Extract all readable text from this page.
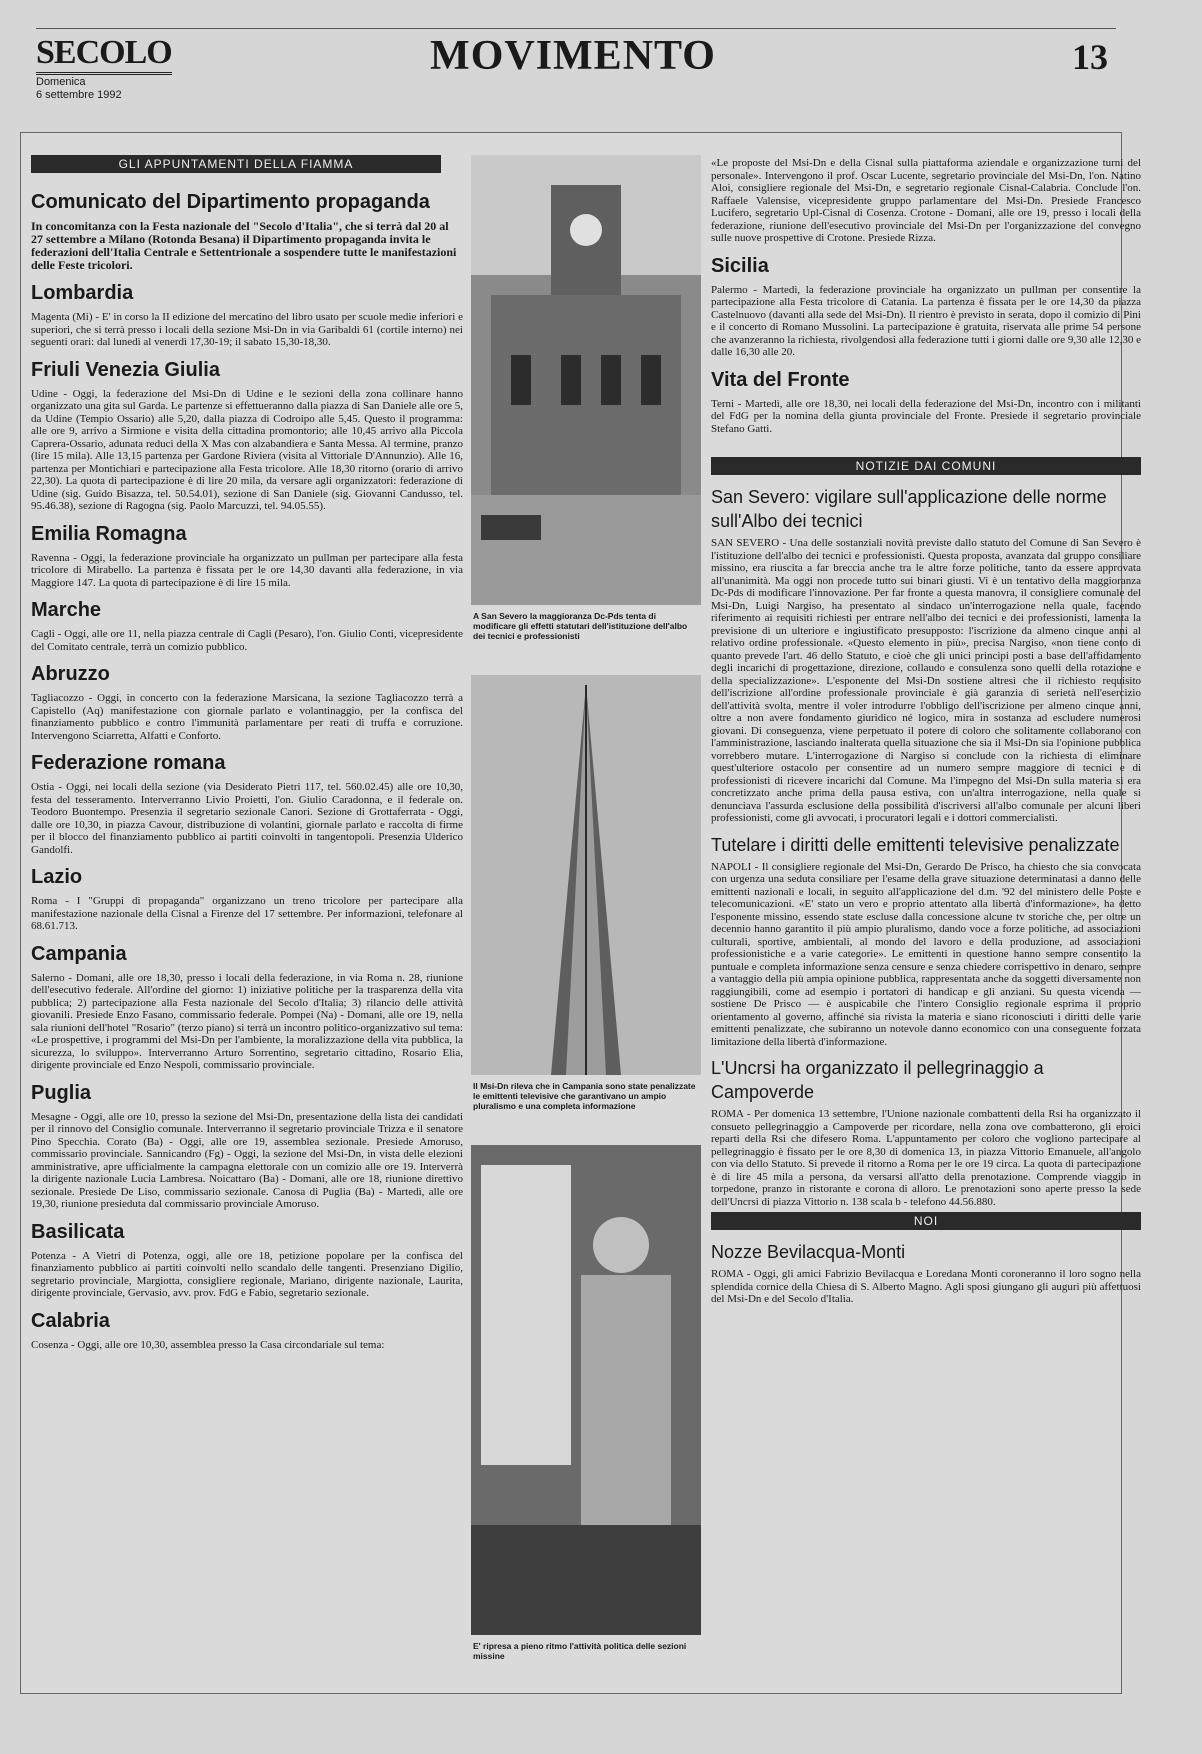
SECOLO
Domenica
6 settembre 1992
MOVIMENTO	13
GLI APPUNTAMENTI DELLA FIAMMA
Comunicato del Dipartimento propaganda
In concomitanza con la Festa nazionale del "Secolo d'Italia", che si terrà dal 20 al 27 settembre a Milano (Rotonda Besana) il Dipartimento propaganda invita le federazioni dell'Italia Centrale e Settentrionale a sospendere tutte le manifestazioni delle Feste tricolori.
Lombardia

Magenta (Mi) - E' in corso la II edizione del mercatino del libro usato per scuole medie inferiori e superiori, che si terrà presso i locali della sezione Msi-Dn in via Garibaldi 61 (cortile interno) nei seguenti orari: dal lunedì al venerdì 17,30-19; il sabato 15,30-18,30.

Friuli Venezia Giulia

Udine - Oggi, la federazione del Msi-Dn di Udine e le sezioni della zona collinare hanno organizzato una gita sul Garda. Le partenze si effettueranno dalla piazza di San Daniele alle ore 5, da Udine (Tempio Ossario) alle 5,20, dalla piazza di Codroipo alle 5,45. Questo il programma: alle ore 9, arrivo a Sirmione e visita della cittadina promontorio; alle 10,45 arrivo alla Piccola Caprera-Ossario, adunata reduci della X Mas con alzabandiera e Santa Messa. Al termine, pranzo (lire 15 mila). Alle 13,15 partenza per Gardone Riviera (visita al Vittoriale D'Annunzio). Alle 16, partenza per Montichiari e partecipazione alla Festa tricolore. Alle 18,30 ritorno (orario di arrivo 22,30). La quota di partecipazione è di lire 20 mila, da versare agli organizzatori: federazione di Udine (sig. Guido Bisazza, tel. 50.54.01), sezione di San Daniele (sig. Giovanni Candusso, tel. 95.46.38), sezione di Ragogna (sig. Paolo Marcuzzi, tel. 94.05.55).

Emilia Romagna

Ravenna - Oggi, la federazione provinciale ha organizzato un pullman per partecipare alla festa tricolore di Mirabello. La partenza è fissata per le ore 14,30 davanti alla federazione, in via Maggiore 147. La quota di partecipazione è di lire 15 mila.

Marche

Cagli - Oggi, alle ore 11, nella piazza centrale di Cagli (Pesaro), l'on. Giulio Conti, vicepresidente del Comitato centrale, terrà un comizio pubblico.

Abruzzo

Tagliacozzo - Oggi, in concerto con la federazione Marsicana, la sezione Tagliacozzo terrà a Capistello (Aq) manifestazione con giornale parlato e volantinaggio, per la confisca del finanziamento pubblico e contro l'immunità parlamentare per reati di truffa e corruzione. Intervengono Sciarretta, Alfatti e Conforto.

Federazione romana

Ostia - Oggi, nei locali della sezione (via Desiderato Pietri 117, tel. 560.02.45) alle ore 10,30, festa del tesseramento. Interverranno Livio Proietti, l'on. Giulio Caradonna, e il federale on. Teodoro Buontempo. Presenzia il segretario sezionale Canori. Sezione di Grottaferrata - Oggi, dalle ore 10,30, in piazza Cavour, distribuzione di volantini, giornale parlato e raccolta di firme per il blocco del finanziamento pubblico ai partiti coinvolti in tangentopoli. Presenzia Ulderico Gandolfi.

Lazio

Roma - I "Gruppi di propaganda" organizzano un treno tricolore per partecipare alla manifestazione nazionale della Cisnal a Firenze del 17 settembre. Per informazioni, telefonare al 68.61.713.

Campania

Salerno - Domani, alle ore 18,30, presso i locali della federazione, in via Roma n. 28, riunione dell'esecutivo federale. All'ordine del giorno: 1) iniziative politiche per la trasparenza della vita pubblica; 2) partecipazione alla Festa nazionale del Secolo d'Italia; 3) rilancio delle attività giovanili. Presiede Enzo Fasano, commissario federale. Pompei (Na) - Domani, alle ore 19, nella sala riunioni dell'hotel "Rosario" (terzo piano) si terrà un incontro politico-organizzativo sul tema: «Le prospettive, i programmi del Msi-Dn per l'ambiente, la moralizzazione della vita pubblica, la sicurezza, lo sviluppo». Interverranno Arturo Sorrentino, segretario cittadino, Rosario Elia, dirigente provinciale ed Enzo Nespoli, commissario provinciale.

Puglia

Mesagne - Oggi, alle ore 10, presso la sezione del Msi-Dn, presentazione della lista dei candidati per il rinnovo del Consiglio comunale. Interverranno il segretario provinciale Trizza e il senatore Pino Specchia. Corato (Ba) - Oggi, alle ore 19, assemblea sezionale. Presiede Amoruso, commissario provinciale. Sannicandro (Fg) - Oggi, la sezione del Msi-Dn, in vista delle elezioni amministrative, apre ufficialmente la campagna elettorale con un comizio alle ore 19. Interverrà la dirigente nazionale Lucia Lambresa. Noicattaro (Ba) - Domani, alle ore 18, riunione direttivo sezionale. Presiede De Liso, commissario sezionale. Canosa di Puglia (Ba) - Martedì, alle ore 19,30, riunione presieduta dal commissario provinciale Amoruso.

Basilicata

Potenza - A Vietri di Potenza, oggi, alle ore 18, petizione popolare per la confisca del finanziamento pubblico ai partiti coinvolti nello scandalo delle tangenti. Presenziano Digilio, segretario provinciale, Margiotta, consigliere regionale, Mariano, dirigente nazionale, Laurita, dirigente provinciale, Gervasio, avv. prov. FdG e Fabio, segretario sezionale.

Calabria

Cosenza - Oggi, alle ore 10,30, assemblea presso la Casa circondariale sul tema:

A San Severo la maggioranza Dc-Pds tenta di modificare gli effetti statutari dell'istituzione dell'albo dei tecnici e professionisti
Il Msi-Dn rileva che in Campania sono state penalizzate le emittenti televisive che garantivano un ampio pluralismo e una completa informazione
E' ripresa a pieno ritmo l'attività politica delle sezioni missine

«Le proposte del Msi-Dn e della Cisnal sulla piattaforma aziendale e organizzazione turni del personale». Intervengono il prof. Oscar Lucente, segretario provinciale del Msi-Dn, l'on. Natino Aloi, consigliere regionale del Msi-Dn, e segretario regionale Cisnal-Calabria. Conclude l'on. Raffaele Valensise, vicepresidente gruppo parlamentare del Msi-Dn. Presiede Francesco Lucifero, segretario Upl-Cisnal di Cosenza. Crotone - Domani, alle ore 19, presso i locali della federazione, riunione dell'esecutivo provinciale del Msi-Dn per l'organizzazione del convegno sulle nuove prospettive di Crotone. Presiede Rizza.

Sicilia

Palermo - Martedì, la federazione provinciale ha organizzato un pullman per consentire la partecipazione alla Festa tricolore di Catania. La partenza è fissata per le ore 14,30 da piazza Castelnuovo (davanti alla sede del Msi-Dn). Il rientro è previsto in serata, dopo il comizio di Pini e il concerto di Romano Mussolini. La partecipazione è gratuita, riservata alle prime 54 persone che avanzeranno la richiesta, rivolgendosi alla federazione tutti i giorni dalle ore 9,30 alle 12,30 e dalle 16,30 alle 20.

Vita del Fronte

Terni - Martedì, alle ore 18,30, nei locali della federazione del Msi-Dn, incontro con i militanti del FdG per la nomina della giunta provinciale del Fronte. Presiede il segretario provinciale Stefano Gatti.

NOTIZIE DAI COMUNI
San Severo: vigilare sull'applicazione delle norme sull'Albo dei tecnici

SAN SEVERO - Una delle sostanziali novità previste dallo statuto del Comune di San Severo è l'istituzione dell'albo dei tecnici e professionisti. Questa proposta, avanzata dal gruppo consiliare missino, era riuscita a far breccia anche tra le altre forze politiche, tanto da essere approvata all'unanimità. Ma oggi non procede tutto sui binari giusti. Vi è un tentativo della maggioranza Dc-Pds di modificare l'innovazione. Per far fronte a questa manovra, il consigliere comunale del Msi-Dn, Luigi Nargiso, ha presentato al sindaco un'interrogazione nella quale, facendo riferimento ai requisiti richiesti per entrare nell'albo dei tecnici e dei professionisti, lamenta la previsione di un ulteriore e ingiustificato presupposto: l'iscrizione da almeno cinque anni al relativo ordine professionale. «Questo elemento in più», precisa Nargiso, «non tiene conto di quanto prevede l'art. 46 dello Statuto, e cioè che gli unici principi posti a base dell'affidamento degli incarichi di progettazione, direzione, collaudo e consulenza sono quelli della rotazione e della specializzazione». L'esponente del Msi-Dn sostiene altresì che il richiesto requisito dell'iscrizione all'ordine professionale provinciale è già garanzia di serietà nell'esercizio dell'attività svolta, mentre il voler introdurre l'obbligo dell'iscrizione per almeno cinque anni, oltre a non avere fondamento giuridico né logico, mira in sostanza ad escludere numerosi giovani. Di conseguenza, viene perpetuato il potere di coloro che solitamente collaborano con l'amministrazione, lasciando inalterata quella situazione che sia il Msi-Dn sia l'opinione pubblica vorrebbero mutare. L'interrogazione di Nargiso si conclude con la richiesta di eliminare quest'ulteriore ostacolo per consentire ad un numero sempre maggiore di tecnici e di professionisti di ricevere incarichi dal Comune. Ma l'impegno del Msi-Dn sulla materia si era concretizzato anche prima della pausa estiva, con un'altra interrogazione, nella quale si denunciava l'assurda esclusione della possibilità d'iscriversi all'albo comunale per alcuni liberi professionisti, come gli avvocati, i procuratori legali e i dottori commercialisti.

Tutelare i diritti delle emittenti televisive penalizzate

NAPOLI - Il consigliere regionale del Msi-Dn, Gerardo De Prisco, ha chiesto che sia convocata con urgenza una seduta consiliare per l'esame della grave situazione determinatasi a danno delle emittenti nazionali e locali, in seguito all'applicazione del d.m. '92 del ministero delle Poste e telecomunicazioni. «E' stato un vero e proprio attentato alla libertà d'informazione», ha detto l'esponente missino, essendo state escluse dalla concessione alcune tv storiche che, per oltre un decennio hanno garantito il più ampio pluralismo, dando voce a forze politiche, ad associazioni culturali, sportive, ambientali, al mondo del lavoro e della produzione, ad associazioni professionistiche e a varie categorie». Le emittenti in questione hanno sempre consentito la puntuale e completa informazione senza censure e senza chiedere corrispettivo in denaro, sempre a vantaggio della più ampia opinione pubblica, rappresentata anche da soggetti diversamente non raggiungibili, come ad esempio i portatori di handicap e gli anziani. Su questa vicenda — sostiene De Prisco — è auspicabile che l'intero Consiglio regionale esprima il proprio orientamento al governo, affinché sia rivista la materia e siano riconosciuti i diritti delle varie emittenti penalizzate, che subiranno un notevole danno economico con una conseguente forzata limitazione della libertà d'informazione.

L'Uncrsi ha organizzato il pellegrinaggio a Campoverde

ROMA - Per domenica 13 settembre, l'Unione nazionale combattenti della Rsi ha organizzato il consueto pellegrinaggio a Campoverde per ricordare, nella zona ove combatterono, gli eroici reparti della Rsi che difesero Roma. L'appuntamento per coloro che vogliono partecipare al pellegrinaggio è fissato per le ore 8,30 di domenica 13, in piazza Vittorio Emanuele, all'angolo con via dello Statuto. Si prevede il ritorno a Roma per le ore 19 circa. La quota di partecipazione è di lire 45 mila a persona, da versarsi all'atto della prenotazione. Comprende viaggio in torpedone, pranzo in ristorante e corona di alloro. Le prenotazioni sono aperte presso la sede dell'Uncrsi di piazza Vittorio n. 138 scala b - telefono 44.56.880.

NOI
Nozze Bevilacqua-Monti

ROMA - Oggi, gli amici Fabrizio Bevilacqua e Loredana Monti coroneranno il loro sogno nella splendida cornice della Chiesa di S. Alberto Magno. Agli sposi giungano gli auguri più affettuosi del Msi-Dn e del Secolo d'Italia.
